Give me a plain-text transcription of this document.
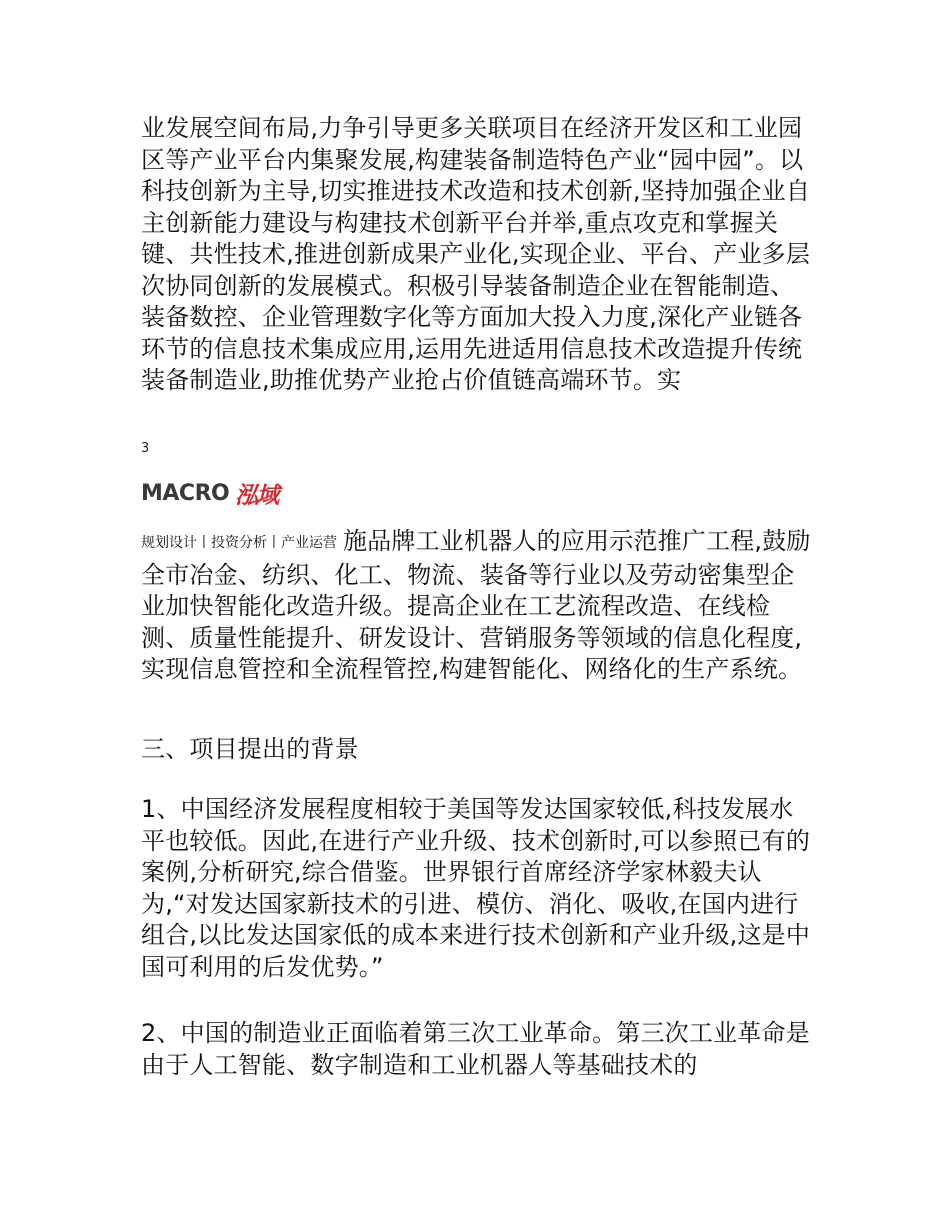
业发展空间布局,力争引导更多关联项目在经济开发区和工业园区等产业平台内集聚发展,构建装备制造特色产业“园中园”。以科技创新为主导,切实推进技术改造和技术创新,坚持加强企业自主创新能力建设与构建技术创新平台并举,重点攻克和掌握关键、共性技术,推进创新成果产业化,实现企业、平台、产业多层次协同创新的发展模式。积极引导装备制造企业在智能制造、装备数控、企业管理数字化等方面加大投入力度,深化产业链各环节的信息技术集成应用,运用先进适用信息技术改造提升传统装备制造业,助推优势产业抢占价值链高端环节。实

3
MACRO 泓域

规划设计丨投资分析丨产业运营 施品牌工业机器人的应用示范推广工程,鼓励全市冶金、纺织、化工、物流、装备等行业以及劳动密集型企业加快智能化改造升级。提高企业在工艺流程改造、在线检测、质量性能提升、研发设计、营销服务等领域的信息化程度,实现信息管控和全流程管控,构建智能化、网络化的生产系统。

三、项目提出的背景

1、中国经济发展程度相较于美国等发达国家较低,科技发展水平也较低。因此,在进行产业升级、技术创新时,可以参照已有的案例,分析研究,综合借鉴。世界银行首席经济学家林毅夫认为,“对发达国家新技术的引进、模仿、消化、吸收,在国内进行组合,以比发达国家低的成本来进行技术创新和产业升级,这是中国可利用的后发优势。”

2、中国的制造业正面临着第三次工业革命。第三次工业革命是由于人工智能、数字制造和工业机器人等基础技术的
